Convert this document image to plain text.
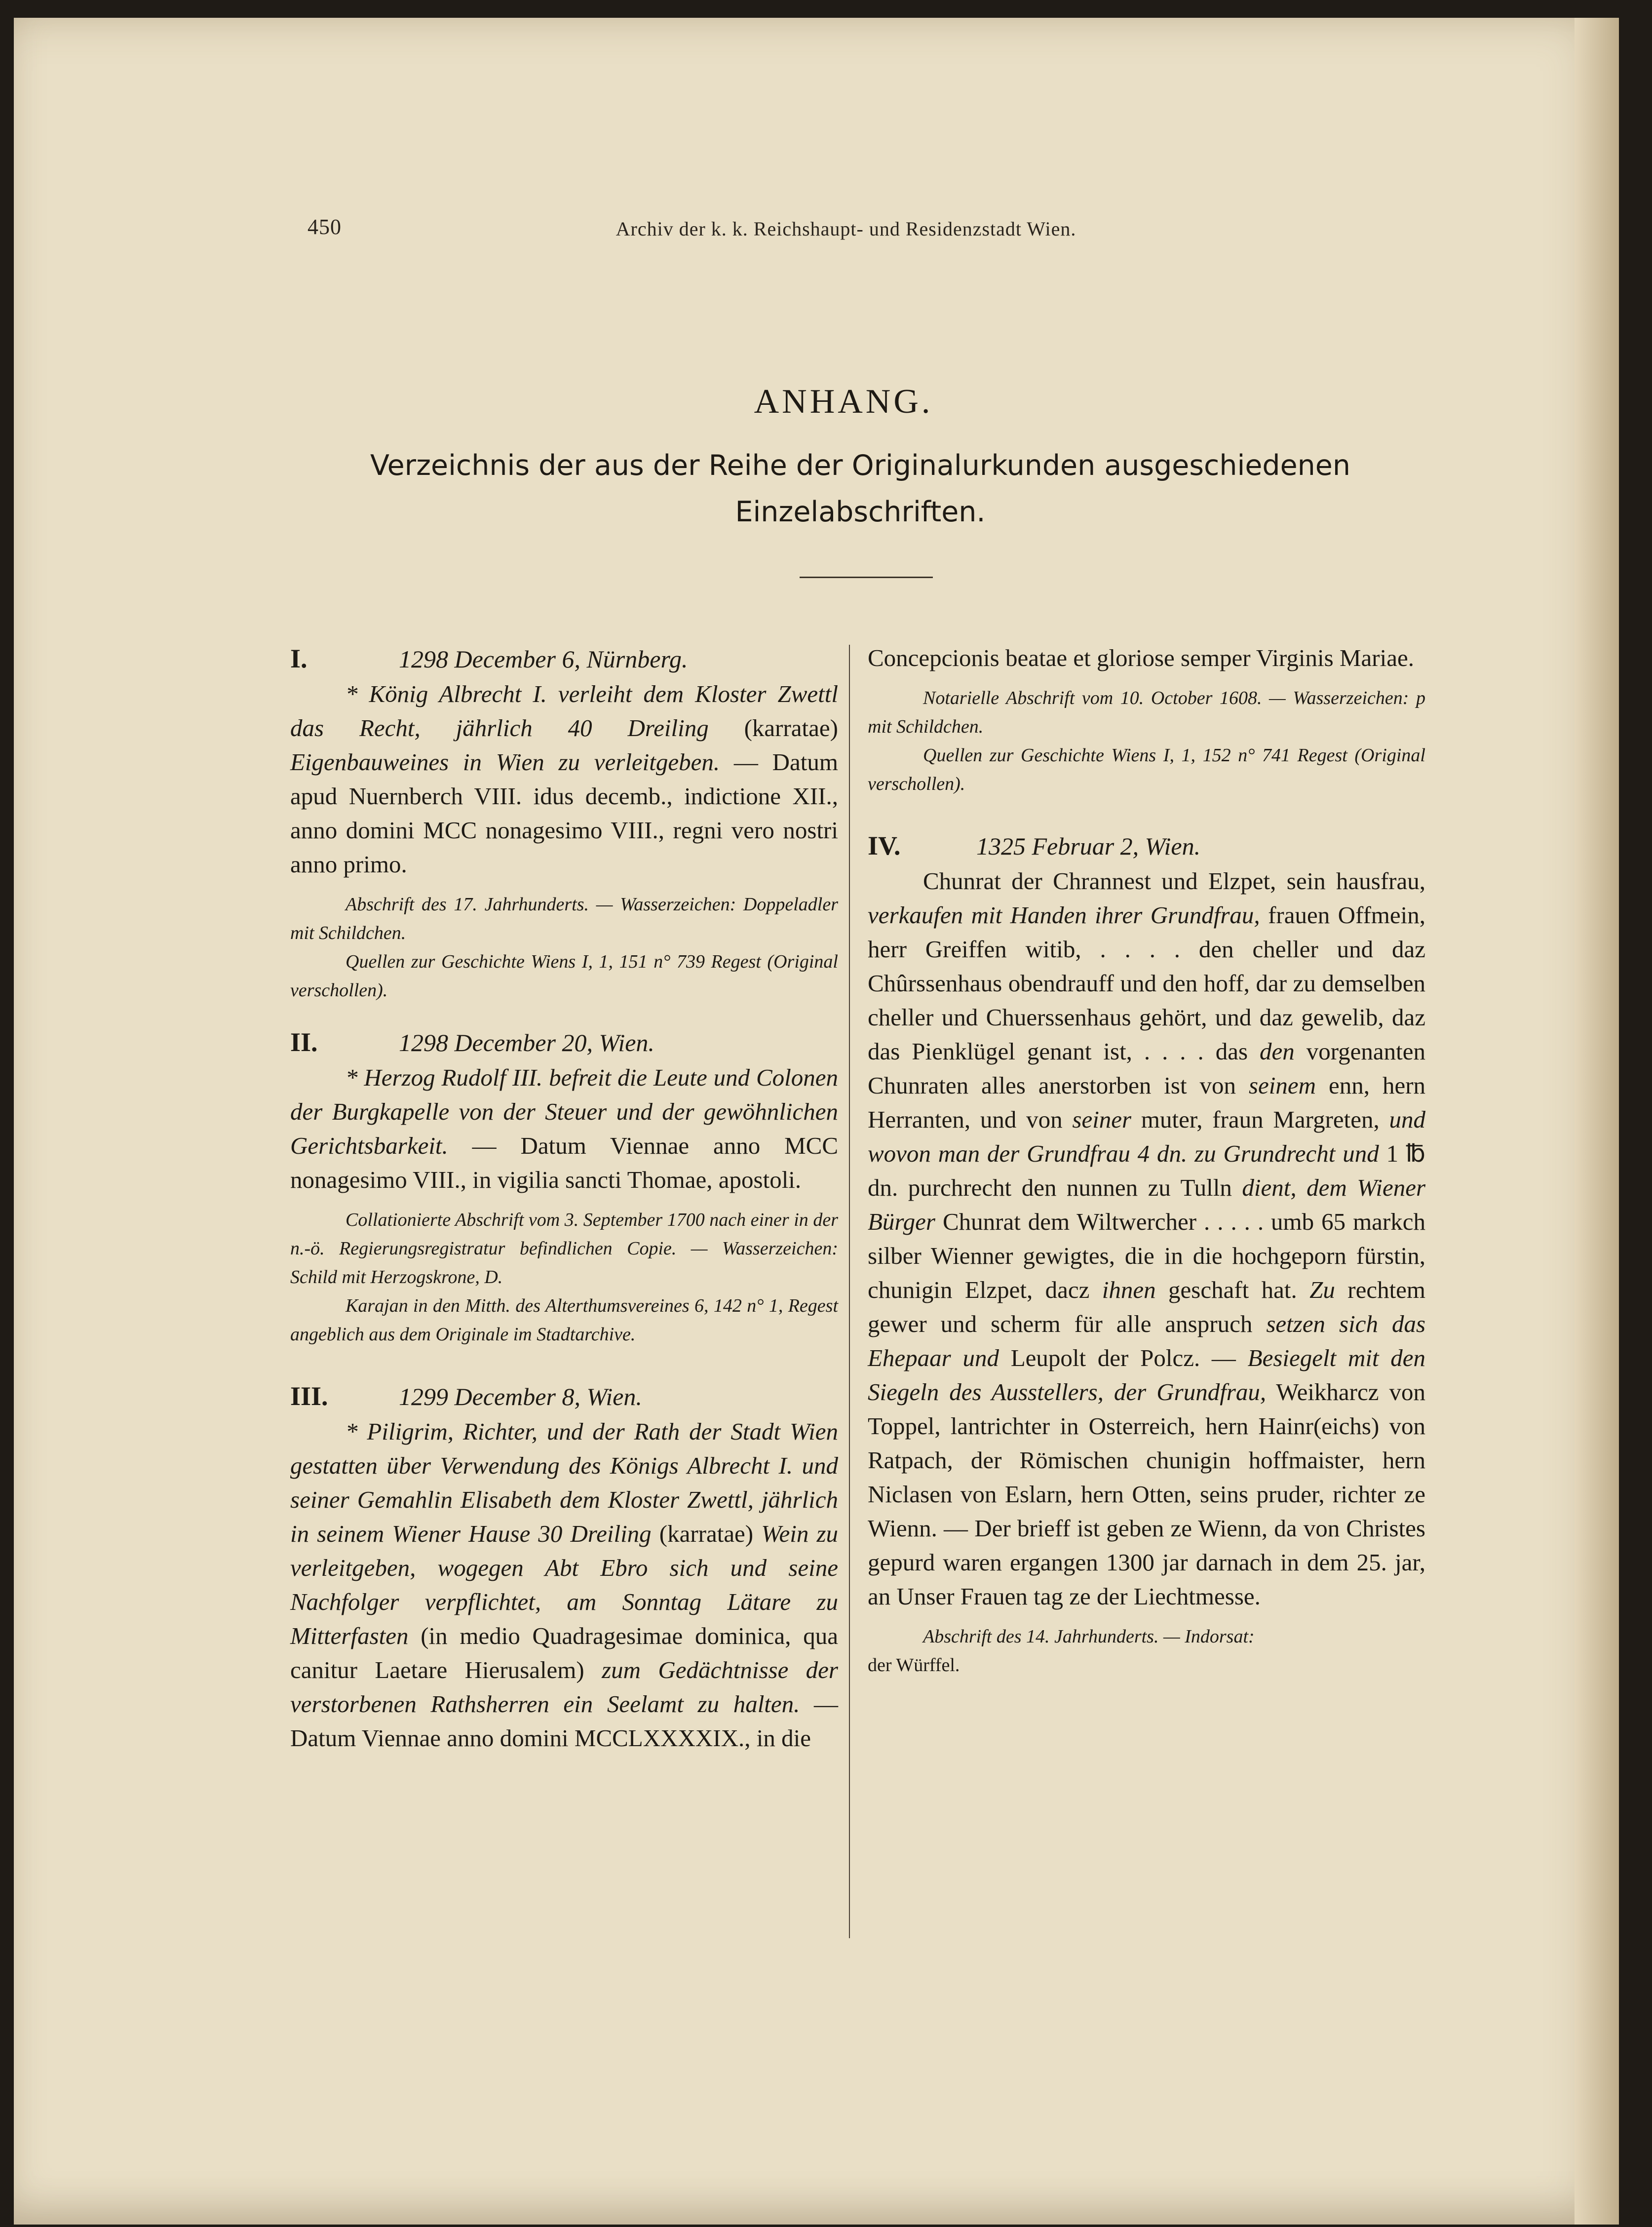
450	Archiv der k. k. Reichshaupt- und Residenzstadt Wien.
ANHANG.
Verzeichnis der aus der Reihe der Originalurkunden ausgeschiedenen Einzelabschriften.
I.	1298 December 6, Nürnberg.

* König Albrecht I. verleiht dem Kloster Zwettl das Recht, jährlich 40 Dreiling (karratae) Eigenbauweines in Wien zu verleitgeben. — Datum apud Nuernberch VIII. idus decemb., indictione XII., anno domini MCC nonagesimo VIII., regni vero nostri anno primo.

Abschrift des 17. Jahrhunderts. — Wasserzeichen: Doppeladler mit Schildchen.

Quellen zur Geschichte Wiens I, 1, 151 n° 739 Regest (Original verschollen).

II.	1298 December 20, Wien.

* Herzog Rudolf III. befreit die Leute und Colonen der Burgkapelle von der Steuer und der gewöhnlichen Gerichtsbarkeit. — Datum Viennae anno MCC nonagesimo VIII., in vigilia sancti Thomae, apostoli.

Collationierte Abschrift vom 3. September 1700 nach einer in der n.-ö. Regierungsregistratur befindlichen Copie. — Wasserzeichen: Schild mit Herzogskrone, D.

Karajan in den Mitth. des Alterthumsvereines 6, 142 n° 1, Regest angeblich aus dem Originale im Stadtarchive.

III.	1299 December 8, Wien.

* Piligrim, Richter, und der Rath der Stadt Wien gestatten über Verwendung des Königs Albrecht I. und seiner Gemahlin Elisabeth dem Kloster Zwettl, jährlich in seinem Wiener Hause 30 Dreiling (karratae) Wein zu verleitgeben, wogegen Abt Ebro sich und seine Nachfolger verpflichtet, am Sonntag Lätare zu Mitterfasten (in medio Quadragesimae dominica, qua canitur Laetare Hierusalem) zum Gedächtnisse der verstorbenen Rathsherren ein Seelamt zu halten. — Datum Viennae anno domini MCCLXXXXIX., in die

Concepcionis beatae et gloriose semper Virginis Mariae.

Notarielle Abschrift vom 10. October 1608. — Wasserzeichen: p mit Schildchen.

Quellen zur Geschichte Wiens I, 1, 152 n° 741 Regest (Original verschollen).

IV.	1325 Februar 2, Wien.

Chunrat der Chrannest und Elzpet, sein hausfrau, verkaufen mit Handen ihrer Grundfrau, frauen Offmein, herr Greiffen witib, . . . . den cheller und daz Chûrssenhaus obendrauff und den hoff, dar zu demselben cheller und Chuerssenhaus gehört, und daz gewelib, daz das Pienklügel genant ist, . . . . das den vorgenanten Chunraten alles anerstorben ist von seinem enn, hern Herranten, und von seiner muter, fraun Margreten, und wovon man der Grundfrau 4 dn. zu Grundrecht und 1 ℔ dn. purchrecht den nunnen zu Tulln dient, dem Wiener Bürger Chunrat dem Wiltwercher . . . . . umb 65 markch silber Wienner gewigtes, die in die hochgeporn fürstin, chunigin Elzpet, dacz ihnen geschaft hat. Zu rechtem gewer und scherm für alle anspruch setzen sich das Ehepaar und Leupolt der Polcz. — Besiegelt mit den Siegeln des Ausstellers, der Grundfrau, Weikharcz von Toppel, lantrichter in Osterreich, hern Hainr(eichs) von Ratpach, der Römischen chunigin hoffmaister, hern Niclasen von Eslarn, hern Otten, seins pruder, richter ze Wienn. — Der brieff ist geben ze Wienn, da von Christes gepurd waren ergangen 1300 jar darnach in dem 25. jar, an Unser Frauen tag ze der Liechtmesse.

Abschrift des 14. Jahrhunderts. — Indorsat:

der Würffel.
